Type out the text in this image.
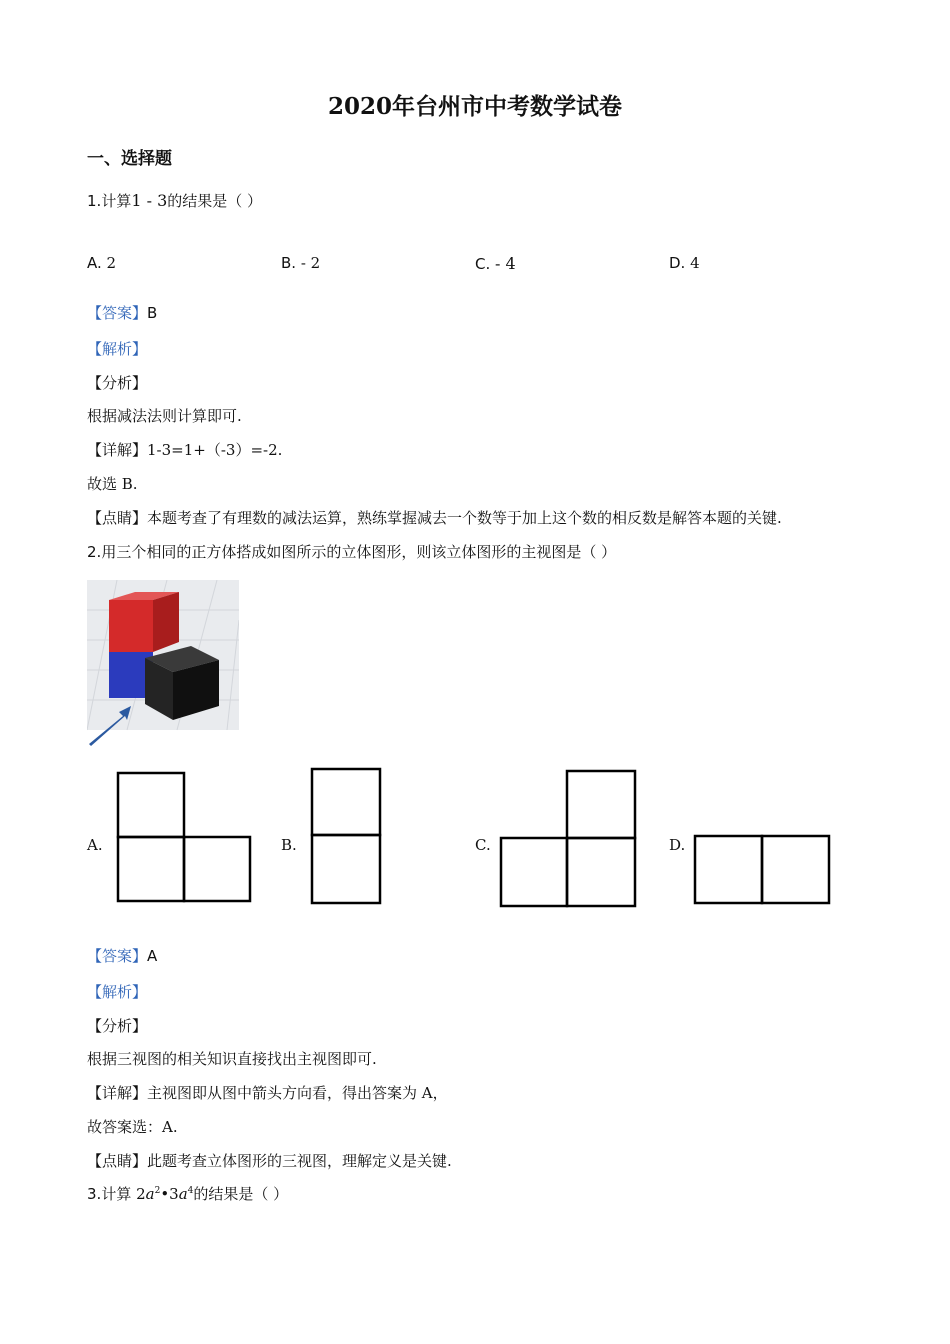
2020年台州市中考数学试卷
一、选择题
1.计算1 - 3的结果是（ ）
A. 2	B. - 2	C. - 4	D. 4
【答案】B
【解析】
【分析】
根据减法法则计算即可.
【详解】1-3=1+（-3）=-2.
故选 B.
【点睛】本题考查了有理数的减法运算，熟练掌握减去一个数等于加上这个数的相反数是解答本题的关键.
2.用三个相同的正方体搭成如图所示的立体图形，则该立体图形的主视图是（ ）
A.	B.	C.	D.
【答案】A
【解析】
【分析】
根据三视图的相关知识直接找出主视图即可.
【详解】主视图即从图中箭头方向看，得出答案为 A，
故答案选：A.
【点睛】此题考查立体图形的三视图，理解定义是关键.
3.计算 $2a^2•3a^4$的结果是（ ）
